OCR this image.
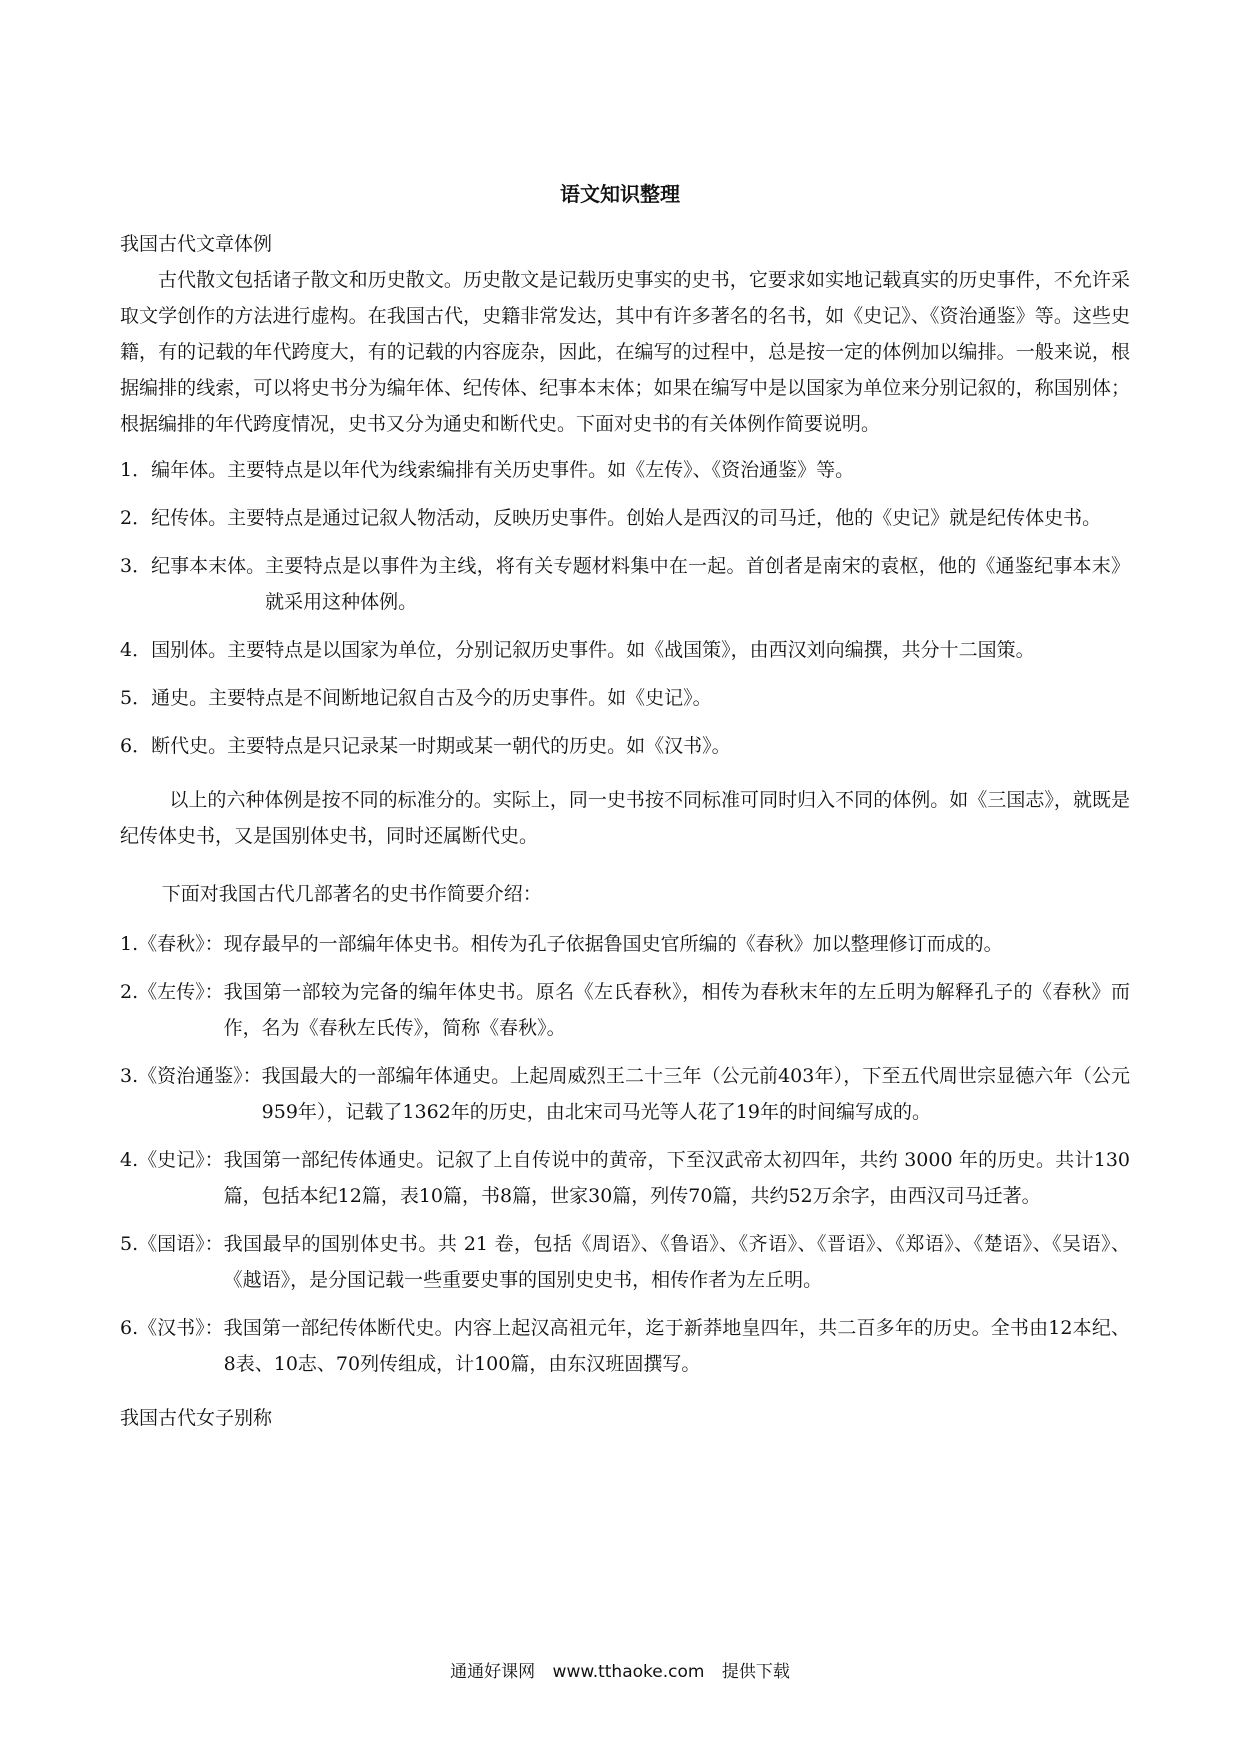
语文知识整理

我国古代文章体例

古代散文包括诸子散文和历史散文。历史散文是记载历史事实的史书，它要求如实地记载真实的历史事件，不允许采取文学创作的方法进行虚构。在我国古代，史籍非常发达，其中有许多著名的名书，如《史记》、《资治通鉴》等。这些史籍，有的记载的年代跨度大，有的记载的内容庞杂，因此，在编写的过程中，总是按一定的体例加以编排。一般来说，根据编排的线索，可以将史书分为编年体、纪传体、纪事本末体；如果在编写中是以国家为单位来分别记叙的，称国别体；根据编排的年代跨度情况，史书又分为通史和断代史。下面对史书的有关体例作简要说明。

1． 编年体。 主要特点是以年代为线索编排有关历史事件。如《左传》、《资治通鉴》等。
2． 纪传体。 主要特点是通过记叙人物活动，反映历史事件。创始人是西汉的司马迁，他的《史记》就是纪传体史书。
3． 纪事本末体。 主要特点是以事件为主线，将有关专题材料集中在一起。首创者是南宋的袁枢，他的《通鉴纪事本末》就采用这种体例。
4． 国别体。 主要特点是以国家为单位，分别记叙历史事件。如《战国策》，由西汉刘向编撰，共分十二国策。
5． 通史。 主要特点是不间断地记叙自古及今的历史事件。如《史记》。
6． 断代史。 主要特点是只记录某一时期或某一朝代的历史。如《汉书》。

以上的六种体例是按不同的标准分的。实际上，同一史书按不同标准可同时归入不同的体例。如《三国志》，就既是纪传体史书，又是国别体史书，同时还属断代史。

下面对我国古代几部著名的史书作简要介绍：

1. 《春秋》： 现存最早的一部编年体史书。相传为孔子依据鲁国史官所编的《春秋》加以整理修订而成的。
2. 《左传》： 我国第一部较为完备的编年体史书。原名《左氏春秋》，相传为春秋末年的左丘明为解释孔子的《春秋》而作，名为《春秋左氏传》，简称《春秋》。
3. 《资治通鉴》： 我国最大的一部编年体通史。上起周威烈王二十三年（公元前403年），下至五代周世宗显德六年（公元959年），记载了1362年的历史，由北宋司马光等人花了19年的时间编写成的。
4. 《史记》： 我国第一部纪传体通史。记叙了上自传说中的黄帝，下至汉武帝太初四年，共约 3000 年的历史。共计130篇，包括本纪12篇，表10篇，书8篇，世家30篇，列传70篇，共约52万余字，由西汉司马迁著。
5. 《国语》： 我国最早的国别体史书。共 21 卷，包括《周语》、《鲁语》、《齐语》、《晋语》、《郑语》、《楚语》、《吴语》、《越语》，是分国记载一些重要史事的国别史史书，相传作者为左丘明。
6. 《汉书》： 我国第一部纪传体断代史。内容上起汉高祖元年，迄于新莽地皇四年，共二百多年的历史。全书由12本纪、8表、10志、70列传组成，计100篇，由东汉班固撰写。

我国古代女子别称

通通好课网 www.tthaoke.com 提供下载
